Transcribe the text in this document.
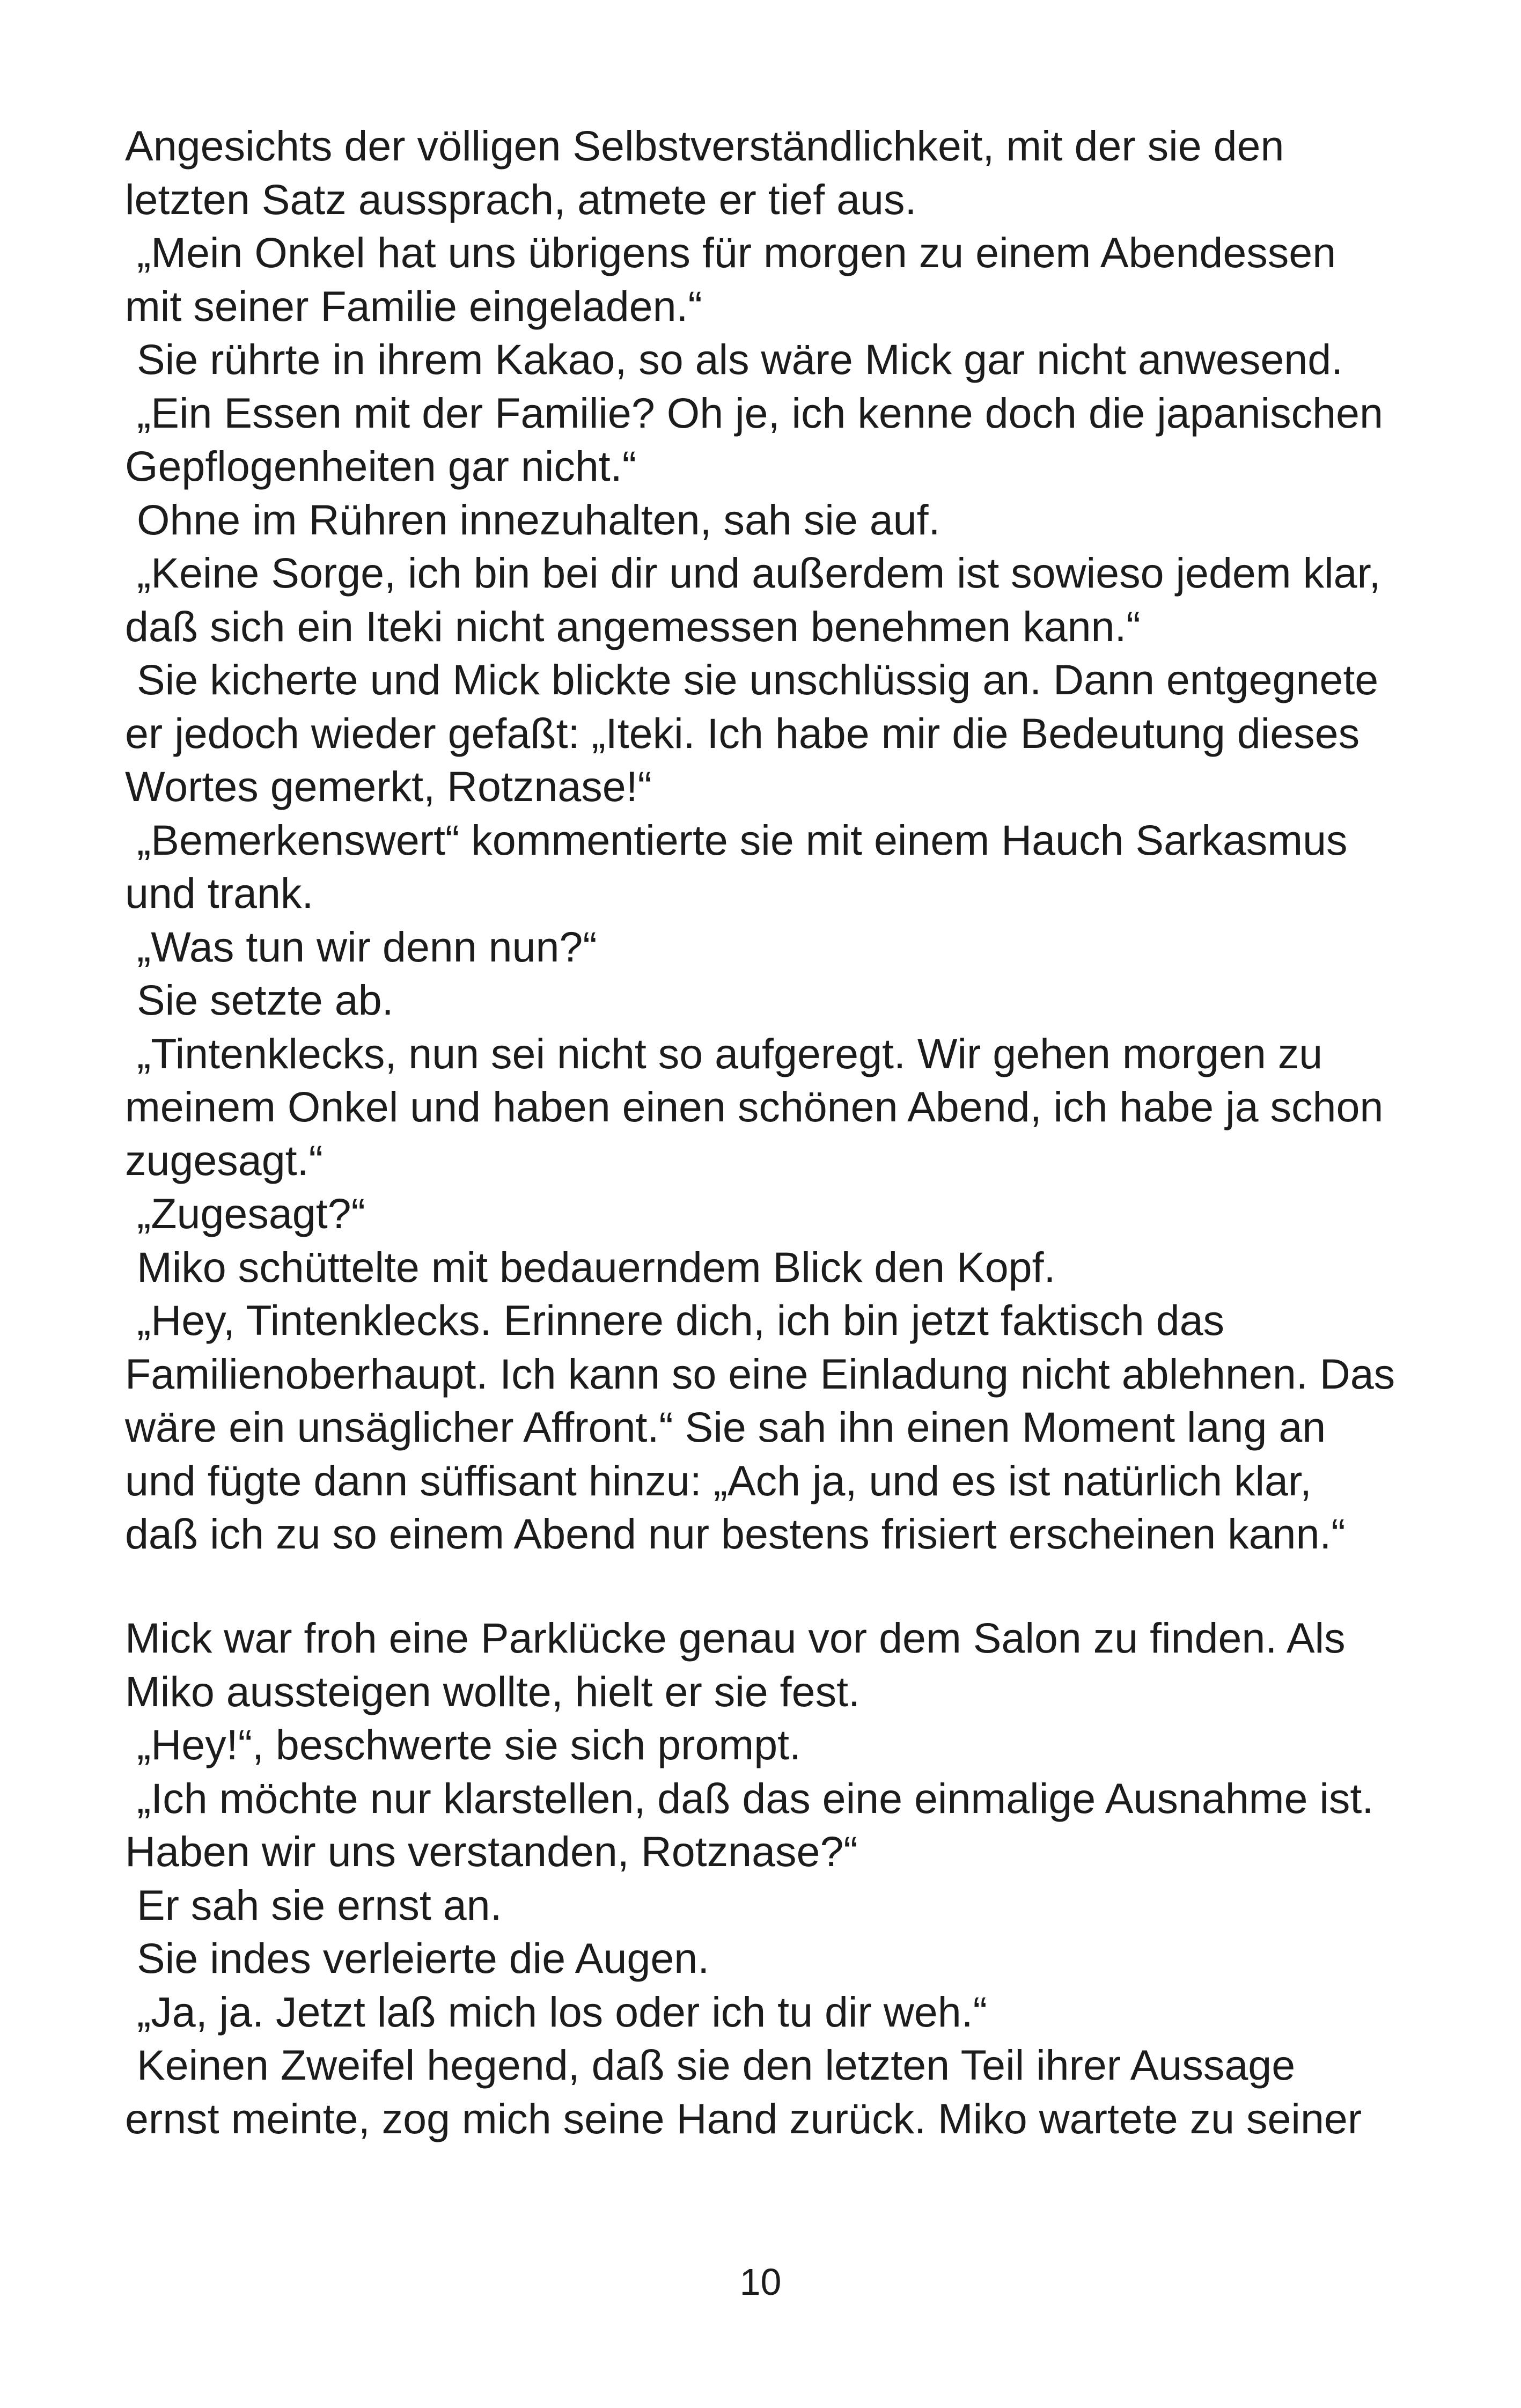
Angesichts der völligen Selbstverständlichkeit, mit der sie den
letzten Satz aussprach, atmete er tief aus.
„Mein Onkel hat uns übrigens für morgen zu einem Abendessen
mit seiner Familie eingeladen.“
Sie rührte in ihrem Kakao, so als wäre Mick gar nicht anwesend.
„Ein Essen mit der Familie? Oh je, ich kenne doch die japanischen
Gepflogenheiten gar nicht.“
Ohne im Rühren innezuhalten, sah sie auf.
„Keine Sorge, ich bin bei dir und außerdem ist sowieso jedem klar,
daß sich ein Iteki nicht angemessen benehmen kann.“
Sie kicherte und Mick blickte sie unschlüssig an. Dann entgegnete
er jedoch wieder gefaßt: „Iteki. Ich habe mir die Bedeutung dieses
Wortes gemerkt, Rotznase!“
„Bemerkenswert“ kommentierte sie mit einem Hauch Sarkasmus
und trank.
„Was tun wir denn nun?“
Sie setzte ab.
„Tintenklecks, nun sei nicht so aufgeregt. Wir gehen morgen zu
meinem Onkel und haben einen schönen Abend, ich habe ja schon
zugesagt.“
„Zugesagt?“
Miko schüttelte mit bedauerndem Blick den Kopf.
„Hey, Tintenklecks. Erinnere dich, ich bin jetzt faktisch das
Familienoberhaupt. Ich kann so eine Einladung nicht ablehnen. Das
wäre ein unsäglicher Affront.“ Sie sah ihn einen Moment lang an
und fügte dann süffisant hinzu: „Ach ja, und es ist natürlich klar,
daß ich zu so einem Abend nur bestens frisiert erscheinen kann.“
Mick war froh eine Parklücke genau vor dem Salon zu finden. Als
Miko aussteigen wollte, hielt er sie fest.
„Hey!“, beschwerte sie sich prompt.
„Ich möchte nur klarstellen, daß das eine einmalige Ausnahme ist.
Haben wir uns verstanden, Rotznase?“
Er sah sie ernst an.
Sie indes verleierte die Augen.
„Ja, ja. Jetzt laß mich los oder ich tu dir weh.“
Keinen Zweifel hegend, daß sie den letzten Teil ihrer Aussage
ernst meinte, zog mich seine Hand zurück. Miko wartete zu seiner
10
